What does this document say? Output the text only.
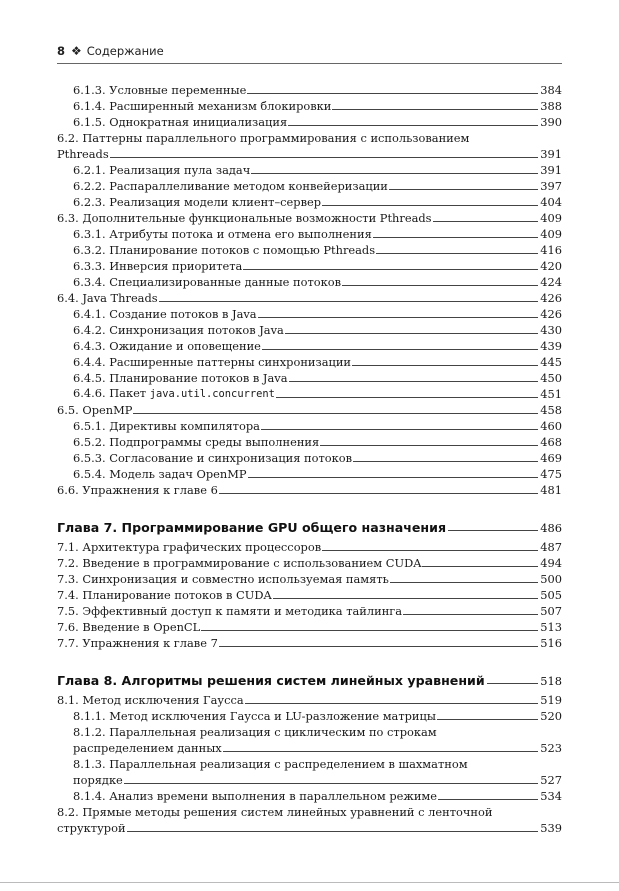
8 ❖ Содержание
6.1.3. Условные переменные	384
6.1.4. Расширенный механизм блокировки	388
6.1.5. Однократная инициализация	390
6.2. Паттерны параллельного программирования с использованием
Pthreads	391
6.2.1. Реализация пула задач	391
6.2.2. Распараллеливание методом конвейеризации	397
6.2.3. Реализация модели клиент–сервер	404
6.3. Дополнительные функциональные возможности Pthreads	409
6.3.1. Атрибуты потока и отмена его выполнения	409
6.3.2. Планирование потоков с помощью Pthreads	416
6.3.3. Инверсия приоритета	420
6.3.4. Специализированные данные потоков	424
6.4. Java Threads	426
6.4.1. Создание потоков в Java	426
6.4.2. Синхронизация потоков Java	430
6.4.3. Ожидание и оповещение	439
6.4.4. Расширенные паттерны синхронизации	445
6.4.5. Планирование потоков в Java	450
6.4.6. Пакет java.util.concurrent	451
6.5. OpenMP	458
6.5.1. Директивы компилятора	460
6.5.2. Подпрограммы среды выполнения	468
6.5.3. Согласование и синхронизация потоков	469
6.5.4. Модель задач OpenMP	475
6.6. Упражнения к главе 6	481
Глава 7. Программирование GPU общего назначения	486
7.1. Архитектура графических процессоров	487
7.2. Введение в программирование с использованием CUDA	494
7.3. Синхронизация и совместно используемая память	500
7.4. Планирование потоков в CUDA	505
7.5. Эффективный доступ к памяти и методика тайлинга	507
7.6. Введение в OpenCL	513
7.7. Упражнения к главе 7	516
Глава 8. Алгоритмы решения систем линейных уравнений	518
8.1. Метод исключения Гаусса	519
8.1.1. Метод исключения Гаусса и LU-разложение матрицы	520
8.1.2. Параллельная реализация с циклическим по строкам
распределением данных	523
8.1.3. Параллельная реализация с распределением в шахматном
порядке	527
8.1.4. Анализ времени выполнения в параллельном режиме	534
8.2. Прямые методы решения систем линейных уравнений с ленточной
структурой	539
